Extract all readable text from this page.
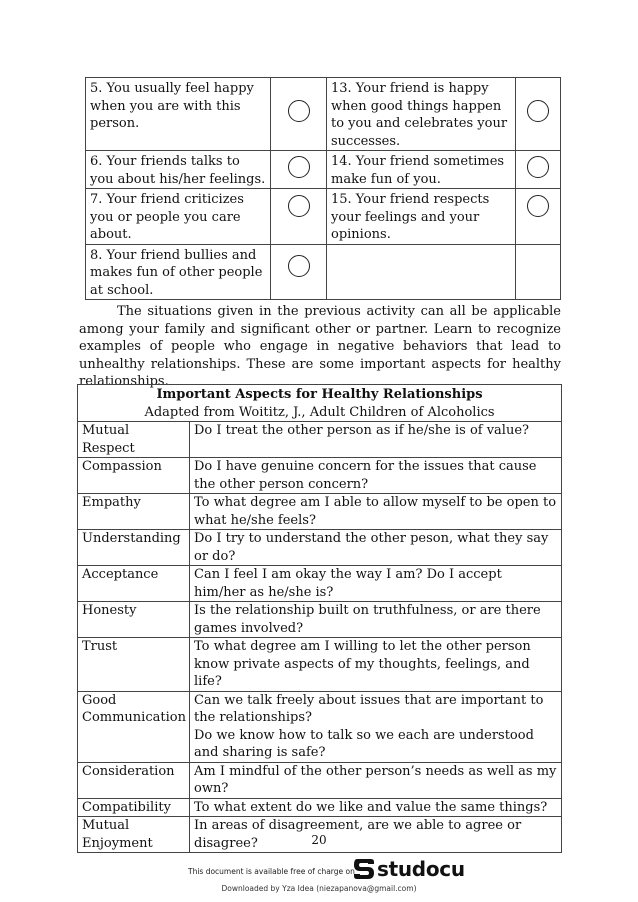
5. You usually feel happy when you are with this person.		13. Your friend is happy when good things happen to you and celebrates your successes.	
6. Your friends talks to you about his/her feelings.		14. Your friend sometimes make fun of you.	
7. Your friend criticizes you or people you care about.		15. Your friend respects your feelings and your opinions.	
8. Your friend bullies and makes fun of other people at school.			

The situations given in the previous activity can all be applicable among your family and significant other or partner. Learn to recognize examples of people who engage in negative behaviors that lead to unhealthy relationships. These are some important aspects for healthy relationships.

Important Aspects for Healthy Relationships
Adapted from Woititz, J., Adult Children of Alcoholics	

Mutual Respect	Do I treat the other person as if he/she is of value?
Compassion	Do I have genuine concern for the issues that cause the other person concern?
Empathy	To what degree am I able to allow myself to be open to what he/she feels?
Understanding	Do I try to understand the other peson, what they say or do?
Acceptance	Can I feel I am okay the way I am? Do I accept him/her as he/she is?
Honesty	Is the relationship built on truthfulness, or are there games involved?
Trust	To what degree am I willing to let the other person know private aspects of my thoughts, feelings, and life?
Good Communication	Can we talk freely about issues that are important to the relationships?
Do we know how to talk so we each are understood and sharing is safe?

Consideration	Am I mindful of the other person’s needs as well as my own?
Compatibility	To what extent do we like and value the same things?
Mutual Enjoyment	In areas of disagreement, are we able to agree or disagree?	20
This document is available free of charge on studocu
Downloaded by Yza Idea (niezapanova@gmail.com)
